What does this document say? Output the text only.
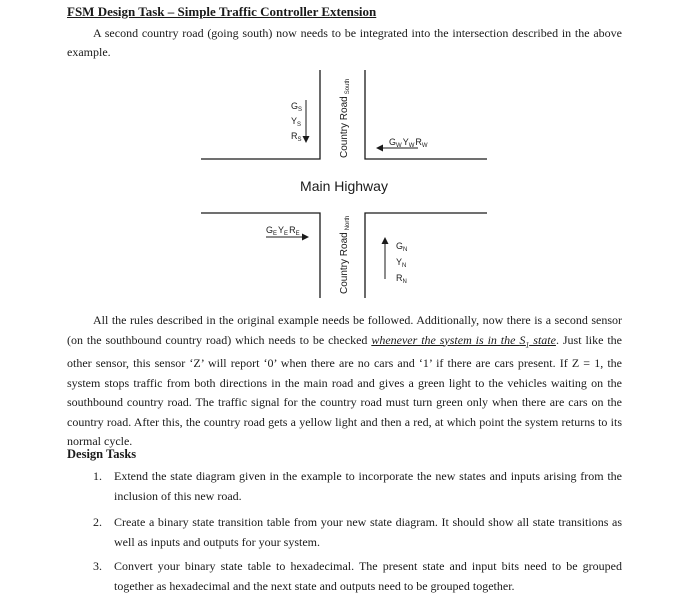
FSM Design Task – Simple Traffic Controller Extension

A second country road (going south) now needs to be integrated into the intersection described in the above example.

Main Highway
Country Road$_{South}$
Country Road$_{North}$
$G_S$
$Y_S$
$R_S$	$G_WY_WR_W$
$G_EY_ER_E$
$G_N$
$Y_N$
$R_N$

All the rules described in the original example needs be followed. Additionally, now there is a second sensor (on the southbound country road) which needs to be checked whenever the system is in the $S_1$ state. Just like the other sensor, this sensor ‘Z’ will report ‘0’ when there are no cars and ‘1’ if there are cars present. If Z = 1, the system stops traffic from both directions in the main road and gives a green light to the vehicles waiting on the southbound country road. The traffic signal for the country road must turn green only when there are cars on the country road. After this, the country road gets a yellow light and then a red, at which point the system returns to its normal cycle.

Design Tasks
1. Extend the state diagram given in the example to incorporate the new states and inputs arising from the inclusion of this new road.
2. Create a binary state transition table from your new state diagram. It should show all state transitions as well as inputs and outputs for your system.
3. Convert your binary state table to hexadecimal. The present state and input bits need to be grouped together as hexadecimal and the next state and outputs need to be grouped together.
